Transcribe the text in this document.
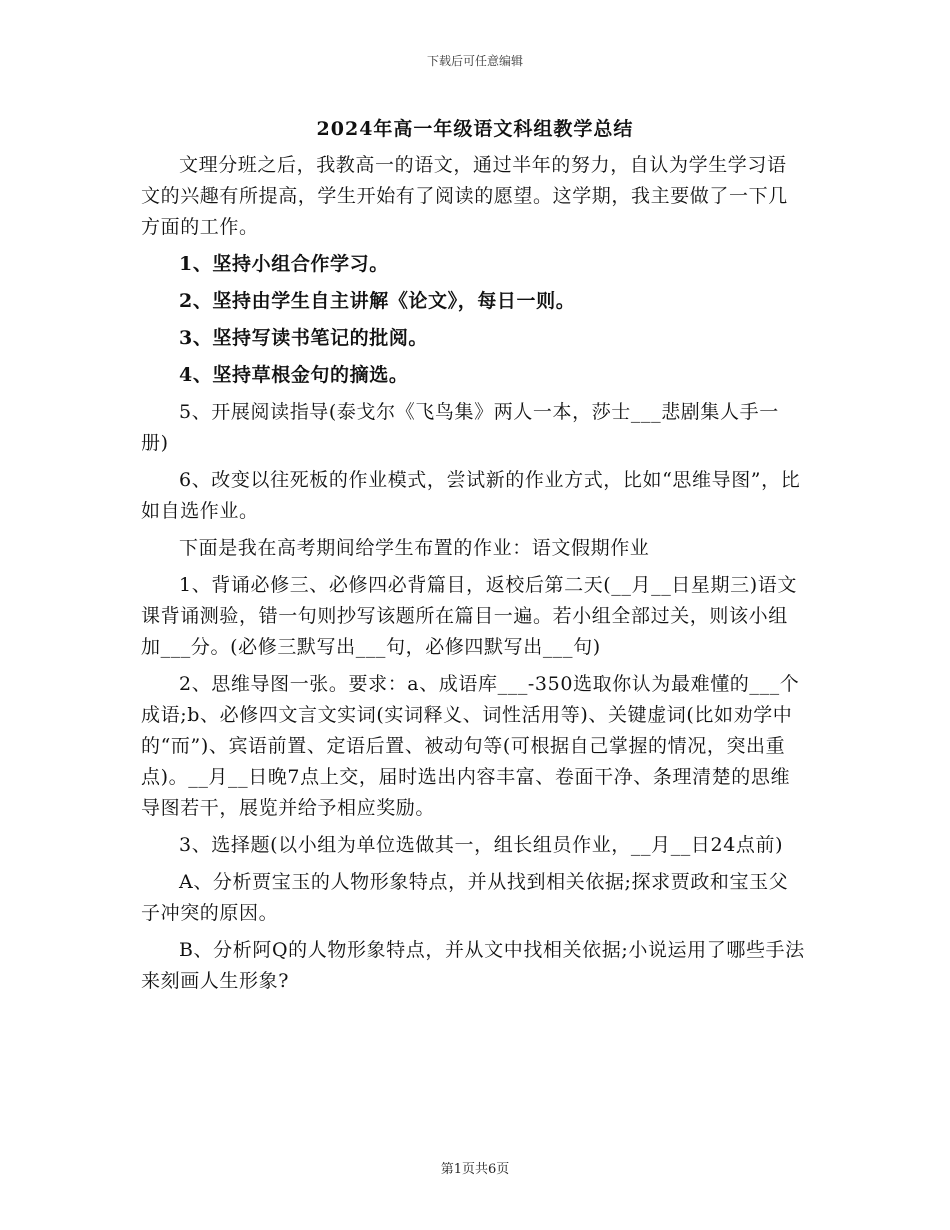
下载后可任意编辑
2024年高一年级语文科组教学总结

文理分班之后，我教高一的语文，通过半年的努力，自认为学生学习语文的兴趣有所提高，学生开始有了阅读的愿望。这学期，我主要做了一下几方面的工作。

1、坚持小组合作学习。

2、坚持由学生自主讲解《论文》，每日一则。

3、坚持写读书笔记的批阅。

4、坚持草根金句的摘选。

5、开展阅读指导(泰戈尔《飞鸟集》两人一本，莎士___悲剧集人手一册)

6、改变以往死板的作业模式，尝试新的作业方式，比如“思维导图”，比如自选作业。

下面是我在高考期间给学生布置的作业：语文假期作业

1、背诵必修三、必修四必背篇目，返校后第二天(__月__日星期三)语文课背诵测验，错一句则抄写该题所在篇目一遍。若小组全部过关，则该小组加___分。(必修三默写出___句，必修四默写出___句)

2、思维导图一张。要求：a、成语库___-350选取你认为最难懂的___个成语;b、必修四文言文实词(实词释义、词性活用等)、关键虚词(比如劝学中的“而”)、宾语前置、定语后置、被动句等(可根据自己掌握的情况，突出重点)。__月__日晚7点上交，届时选出内容丰富、卷面干净、条理清楚的思维导图若干，展览并给予相应奖励。

3、选择题(以小组为单位选做其一，组长组员作业，__月__日24点前)

A、分析贾宝玉的人物形象特点，并从找到相关依据;探求贾政和宝玉父子冲突的原因。

B、分析阿Q的人物形象特点，并从文中找相关依据;小说运用了哪些手法来刻画人生形象?

第1页共6页
